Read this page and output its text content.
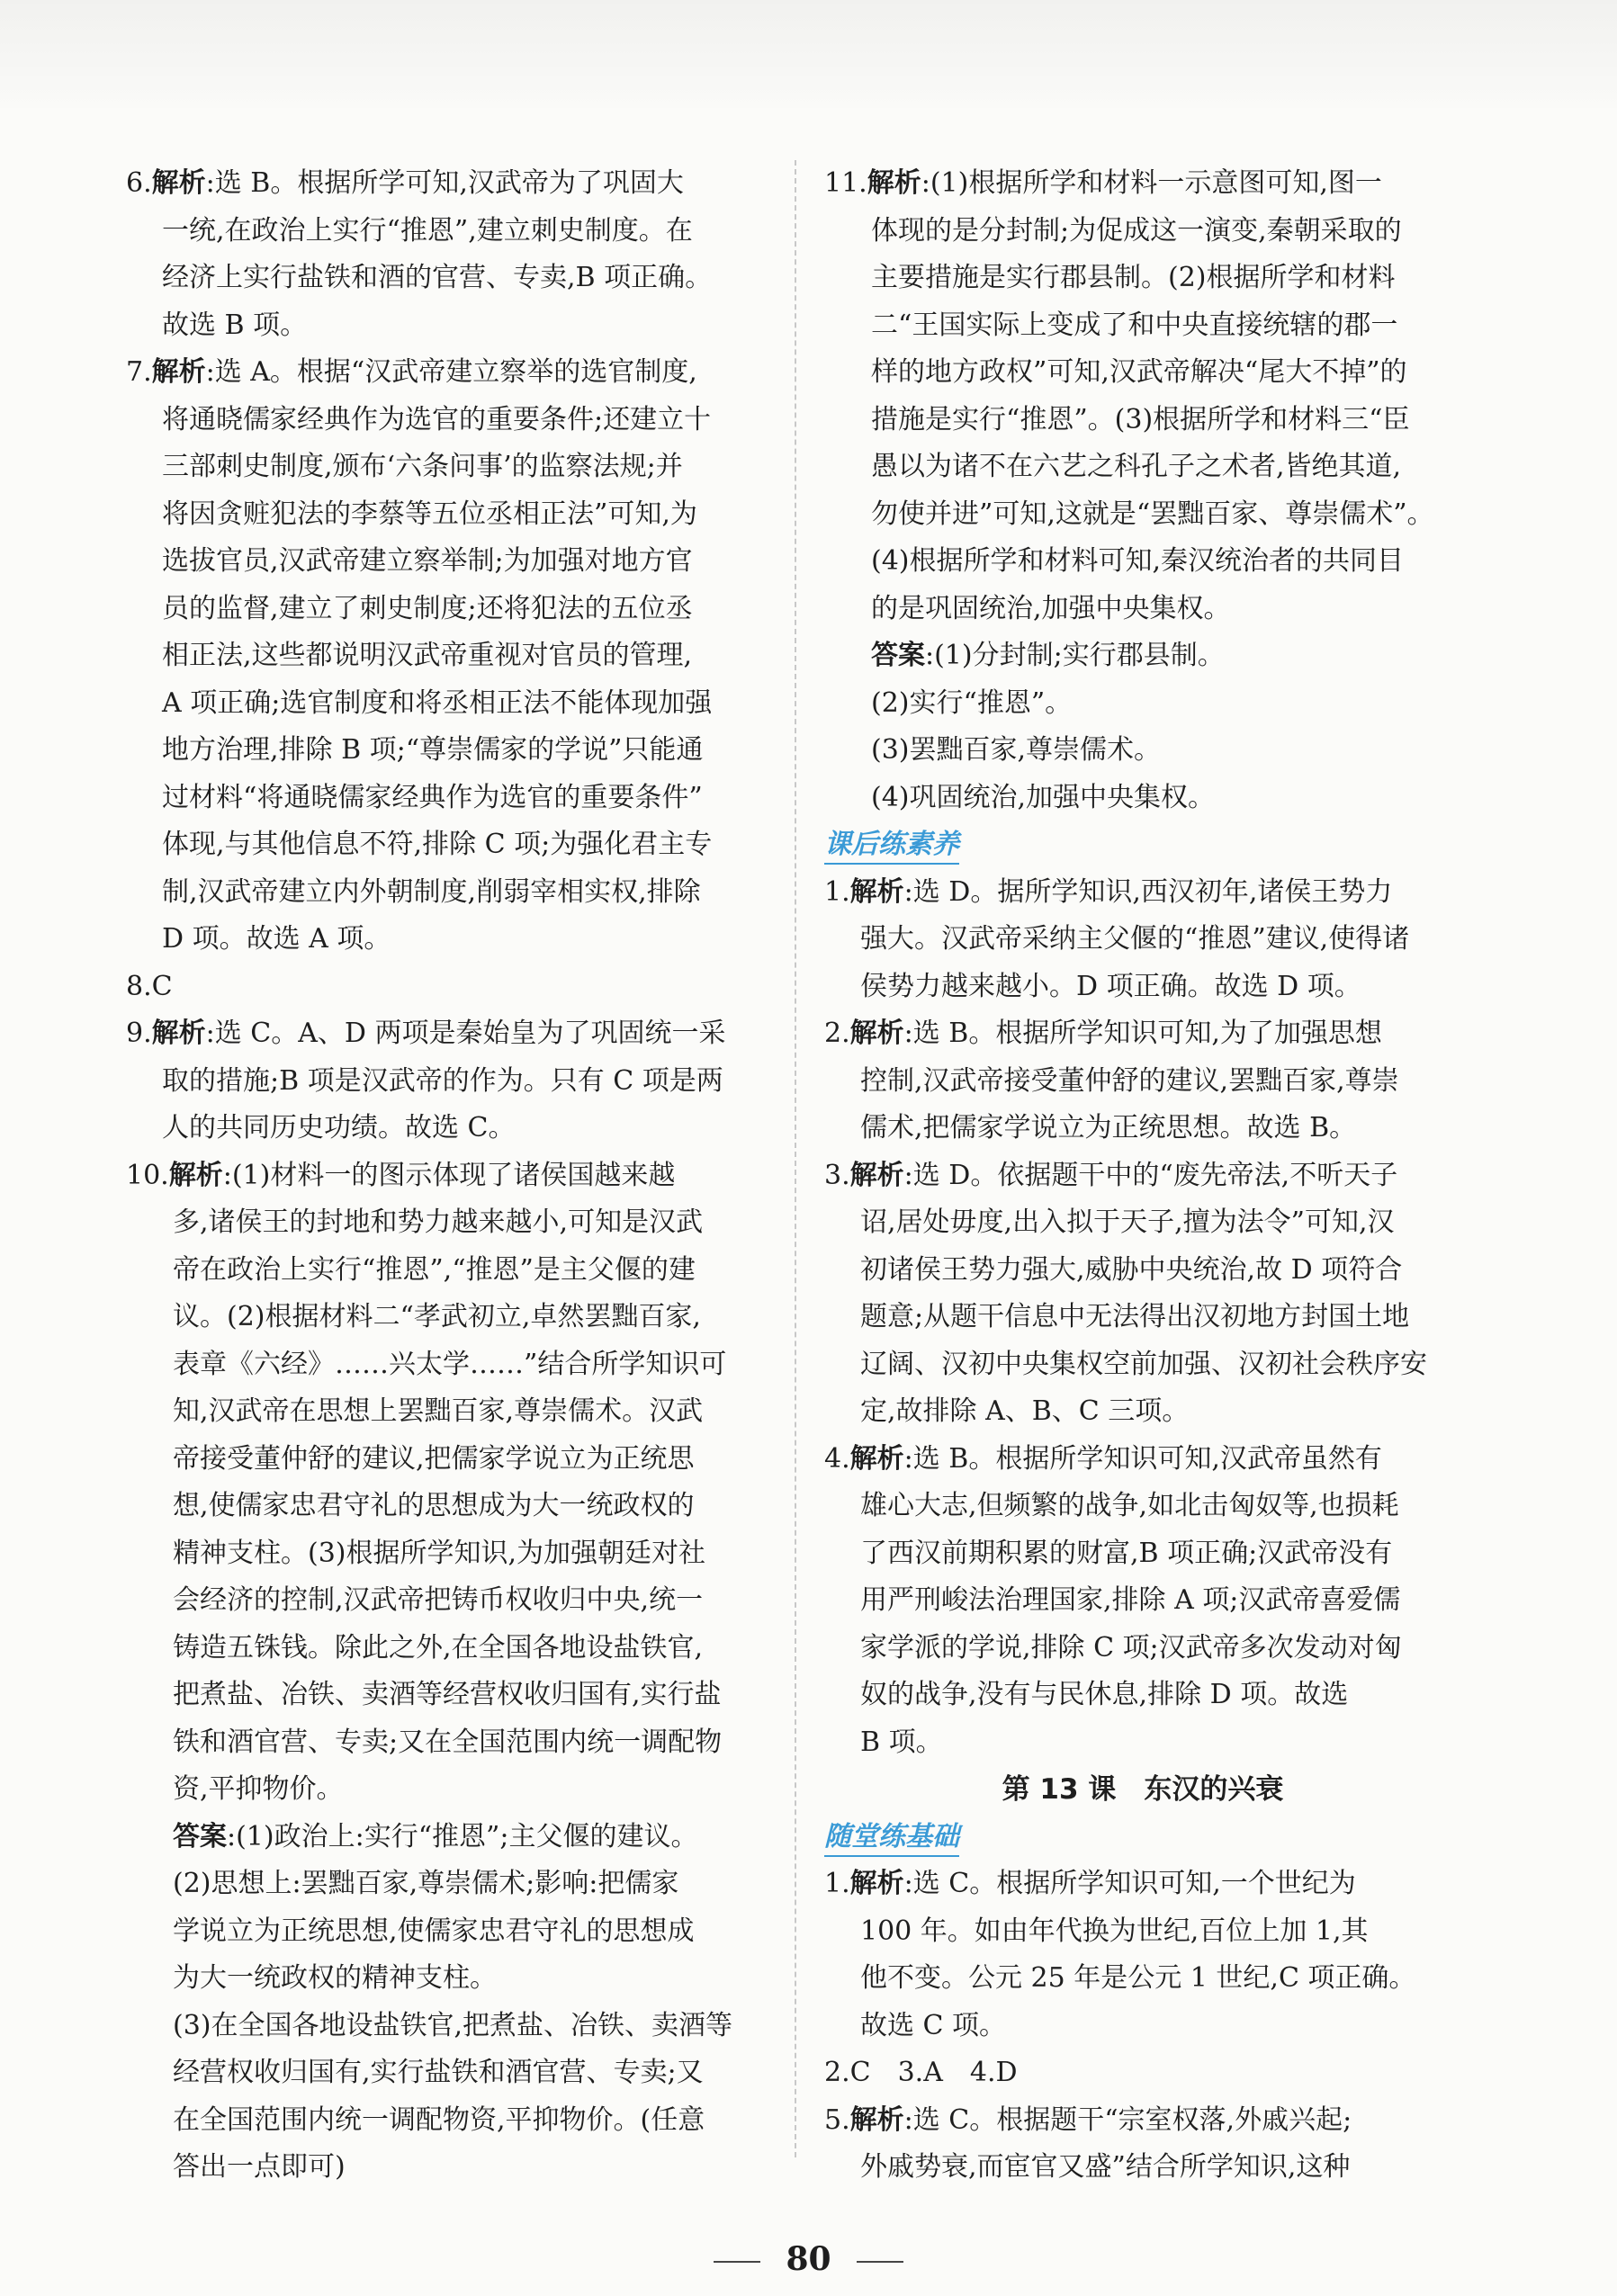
6.解析:选 B。根据所学可知,汉武帝为了巩固大
一统,在政治上实行“推恩”,建立刺史制度。在
经济上实行盐铁和酒的官营、专卖,B 项正确。
故选 B 项。
7.解析:选 A。根据“汉武帝建立察举的选官制度,
将通晓儒家经典作为选官的重要条件;还建立十
三部刺史制度,颁布‘六条问事’的监察法规;并
将因贪赃犯法的李蔡等五位丞相正法”可知,为
选拔官员,汉武帝建立察举制;为加强对地方官
员的监督,建立了刺史制度;还将犯法的五位丞
相正法,这些都说明汉武帝重视对官员的管理,
A 项正确;选官制度和将丞相正法不能体现加强
地方治理,排除 B 项;“尊崇儒家的学说”只能通
过材料“将通晓儒家经典作为选官的重要条件”
体现,与其他信息不符,排除 C 项;为强化君主专
制,汉武帝建立内外朝制度,削弱宰相实权,排除
D 项。故选 A 项。
8.C
9.解析:选 C。A、D 两项是秦始皇为了巩固统一采
取的措施;B 项是汉武帝的作为。只有 C 项是两
人的共同历史功绩。故选 C。
10.解析:(1)材料一的图示体现了诸侯国越来越
多,诸侯王的封地和势力越来越小,可知是汉武
帝在政治上实行“推恩”,“推恩”是主父偃的建
议。(2)根据材料二“孝武初立,卓然罢黜百家,
表章《六经》……兴太学……”结合所学知识可
知,汉武帝在思想上罢黜百家,尊崇儒术。汉武
帝接受董仲舒的建议,把儒家学说立为正统思
想,使儒家忠君守礼的思想成为大一统政权的
精神支柱。(3)根据所学知识,为加强朝廷对社
会经济的控制,汉武帝把铸币权收归中央,统一
铸造五铢钱。除此之外,在全国各地设盐铁官,
把煮盐、冶铁、卖酒等经营权收归国有,实行盐
铁和酒官营、专卖;又在全国范围内统一调配物
资,平抑物价。
答案:(1)政治上:实行“推恩”;主父偃的建议。
(2)思想上:罢黜百家,尊崇儒术;影响:把儒家
学说立为正统思想,使儒家忠君守礼的思想成
为大一统政权的精神支柱。
(3)在全国各地设盐铁官,把煮盐、冶铁、卖酒等
经营权收归国有,实行盐铁和酒官营、专卖;又
在全国范围内统一调配物资,平抑物价。(任意
答出一点即可)
11.解析:(1)根据所学和材料一示意图可知,图一
体现的是分封制;为促成这一演变,秦朝采取的
主要措施是实行郡县制。(2)根据所学和材料
二“王国实际上变成了和中央直接统辖的郡一
样的地方政权”可知,汉武帝解决“尾大不掉”的
措施是实行“推恩”。(3)根据所学和材料三“臣
愚以为诸不在六艺之科孔子之术者,皆绝其道,
勿使并进”可知,这就是“罢黜百家、尊崇儒术”。
(4)根据所学和材料可知,秦汉统治者的共同目
的是巩固统治,加强中央集权。
答案:(1)分封制;实行郡县制。
(2)实行“推恩”。
(3)罢黜百家,尊崇儒术。
(4)巩固统治,加强中央集权。
课后练素养
1.解析:选 D。据所学知识,西汉初年,诸侯王势力
强大。汉武帝采纳主父偃的“推恩”建议,使得诸
侯势力越来越小。D 项正确。故选 D 项。
2.解析:选 B。根据所学知识可知,为了加强思想
控制,汉武帝接受董仲舒的建议,罢黜百家,尊崇
儒术,把儒家学说立为正统思想。故选 B。
3.解析:选 D。依据题干中的“废先帝法,不听天子
诏,居处毋度,出入拟于天子,擅为法令”可知,汉
初诸侯王势力强大,威胁中央统治,故 D 项符合
题意;从题干信息中无法得出汉初地方封国土地
辽阔、汉初中央集权空前加强、汉初社会秩序安
定,故排除 A、B、C 三项。
4.解析:选 B。根据所学知识可知,汉武帝虽然有
雄心大志,但频繁的战争,如北击匈奴等,也损耗
了西汉前期积累的财富,B 项正确;汉武帝没有
用严刑峻法治理国家,排除 A 项;汉武帝喜爱儒
家学派的学说,排除 C 项;汉武帝多次发动对匈
奴的战争,没有与民休息,排除 D 项。故选
B 项。
第 13 课　东汉的兴衰
随堂练基础
1.解析:选 C。根据所学知识可知,一个世纪为
100 年。如由年代换为世纪,百位上加 1,其
他不变。公元 25 年是公元 1 世纪,C 项正确。
故选 C 项。
2.C　3.A　4.D
5.解析:选 C。根据题干“宗室权落,外戚兴起;
外戚势衰,而宦官又盛”结合所学知识,这种
80
